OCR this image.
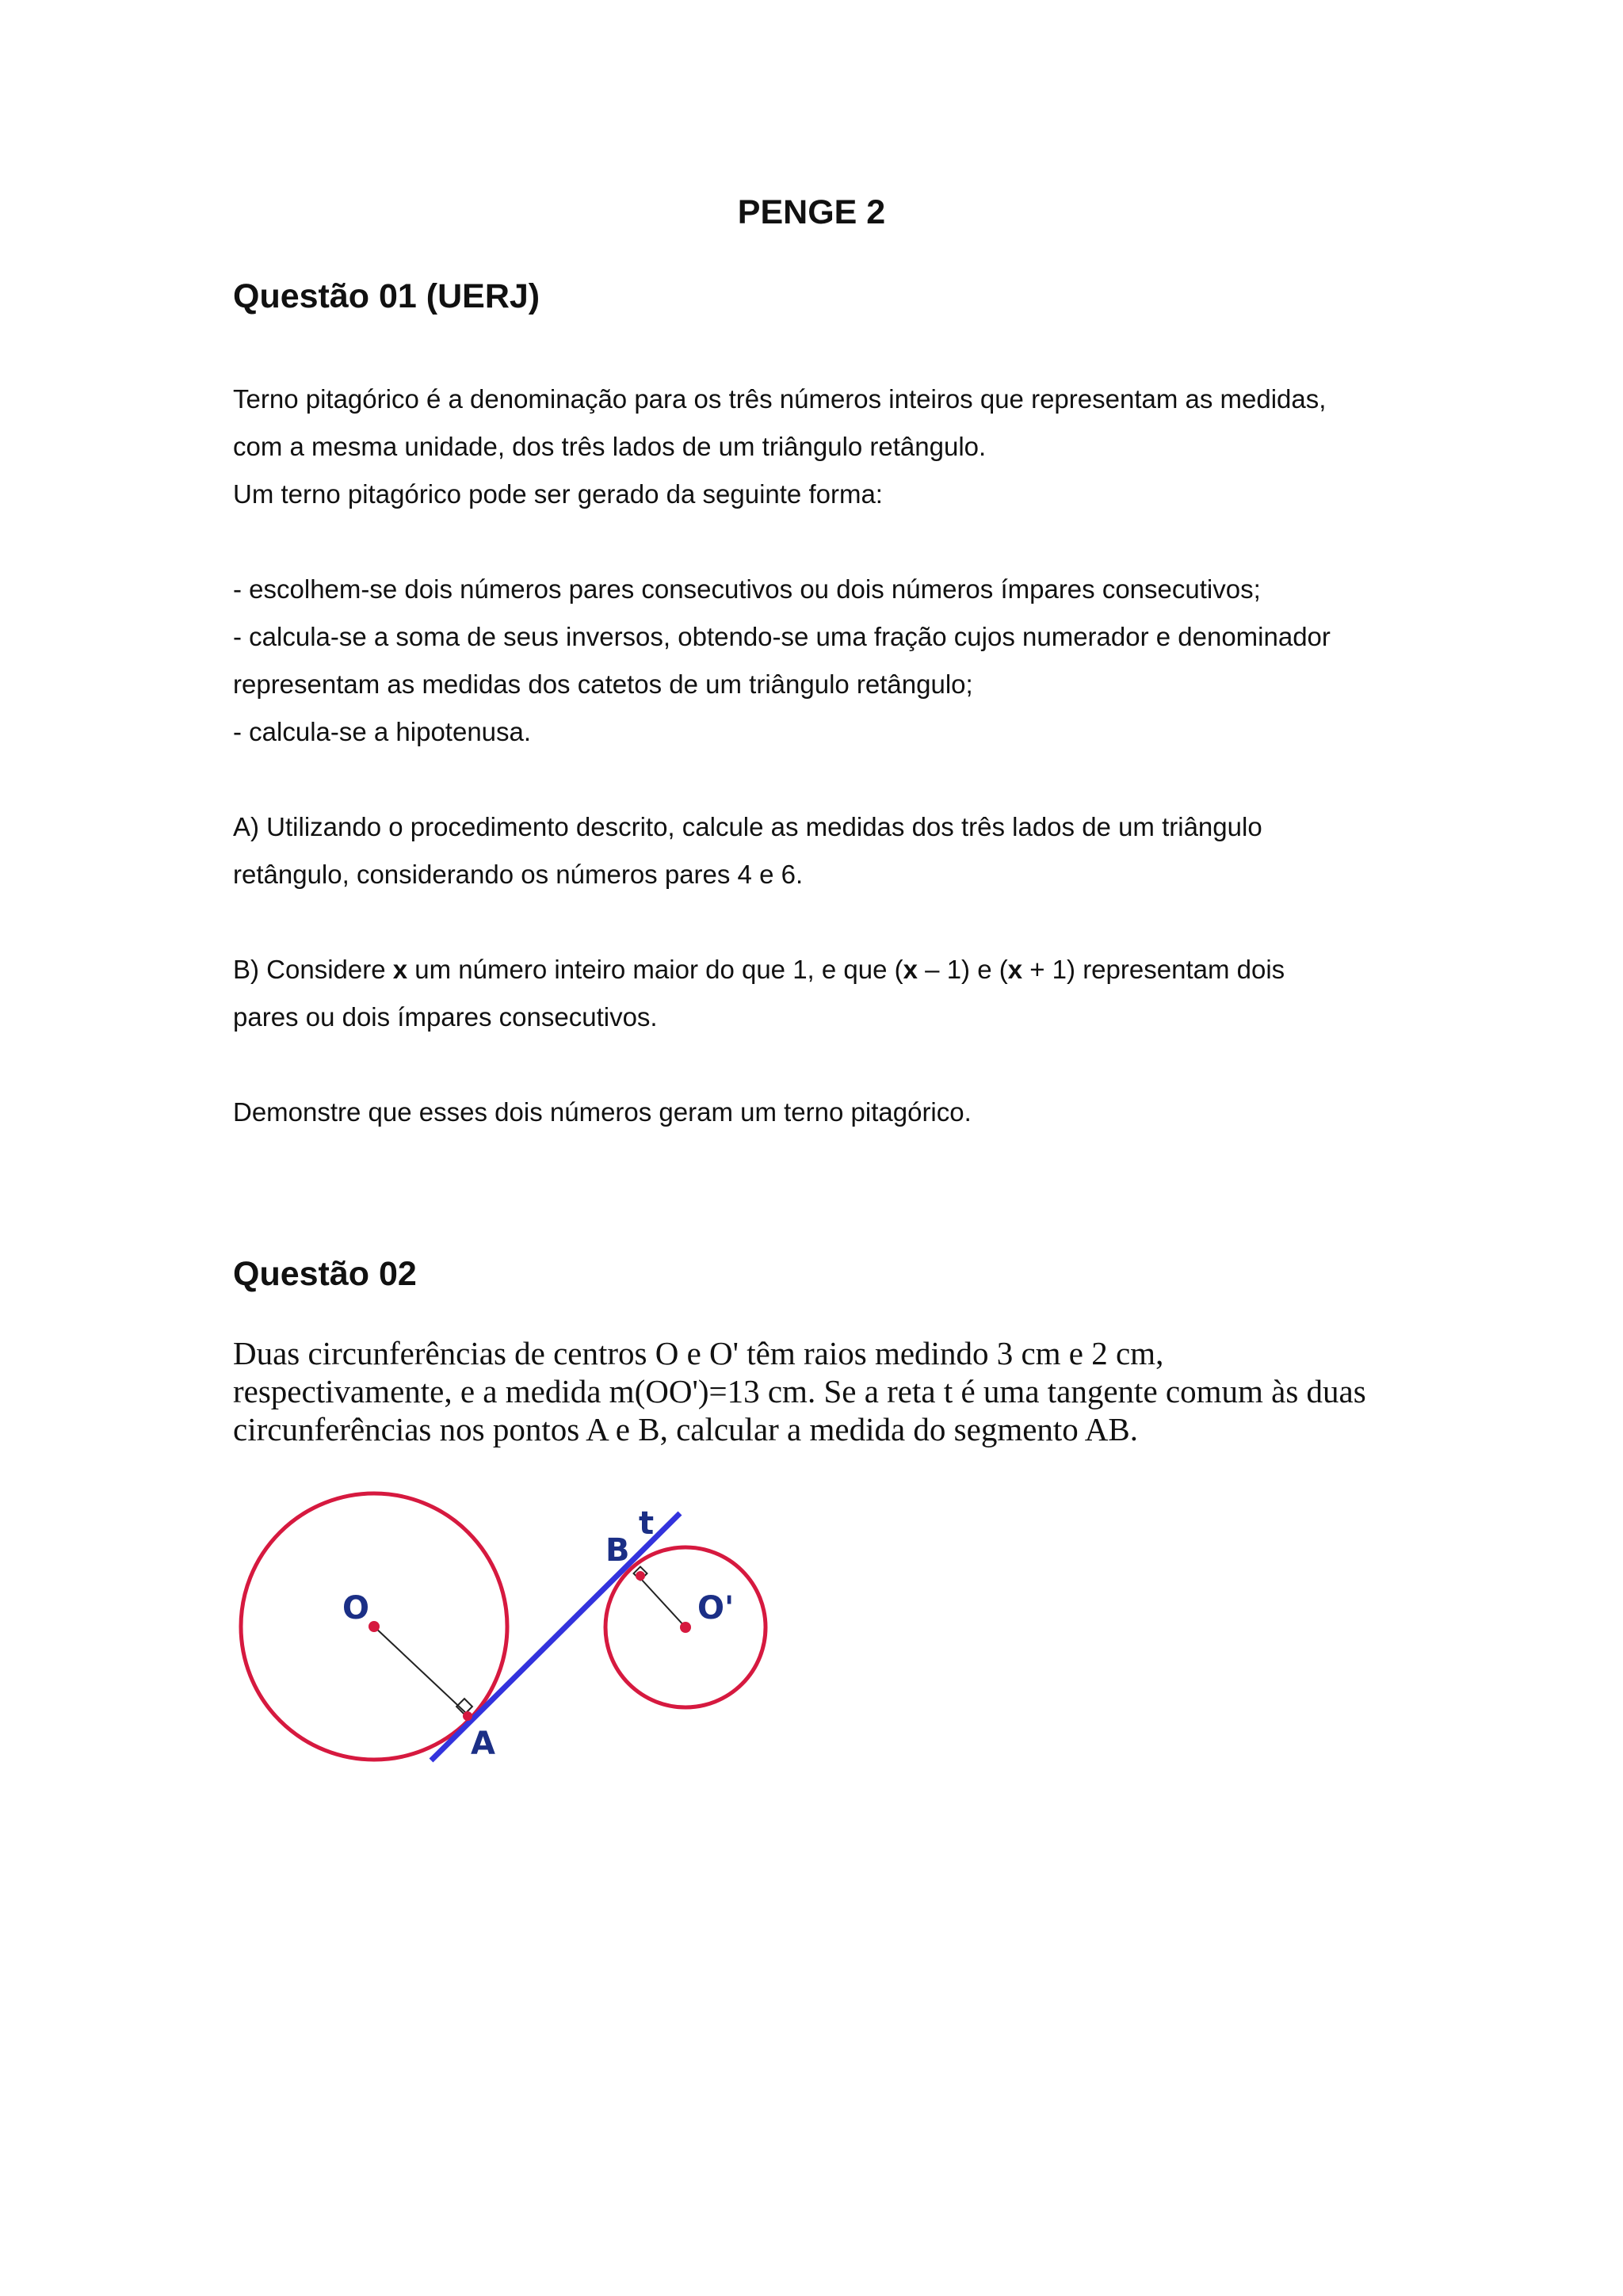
PENGE 2
Questão 01 (UERJ)

Terno pitagórico é a denominação para os três números inteiros que representam as medidas,

com a mesma unidade, dos três lados de um triângulo retângulo.

Um terno pitagórico pode ser gerado da seguinte forma:

- escolhem-se dois números pares consecutivos ou dois números ímpares consecutivos;

- calcula-se a soma de seus inversos, obtendo-se uma fração cujos numerador e denominador

representam as medidas dos catetos de um triângulo retângulo;

- calcula-se a hipotenusa.

A) Utilizando o procedimento descrito, calcule as medidas dos três lados de um triângulo

retângulo, considerando os números pares 4 e 6.

B) Considere x um número inteiro maior do que 1, e que (x – 1) e (x + 1) representam dois

pares ou dois ímpares consecutivos.

Demonstre que esses dois números geram um terno pitagórico.

Questão 02

Duas circunferências de centros O e O' têm raios medindo 3 cm e 2 cm,

respectivamente, e a medida m(OO')=13 cm. Se a reta t é uma tangente comum às duas

circunferências nos pontos A e B, calcular a medida do segmento AB.

O	O'
A
B
t
